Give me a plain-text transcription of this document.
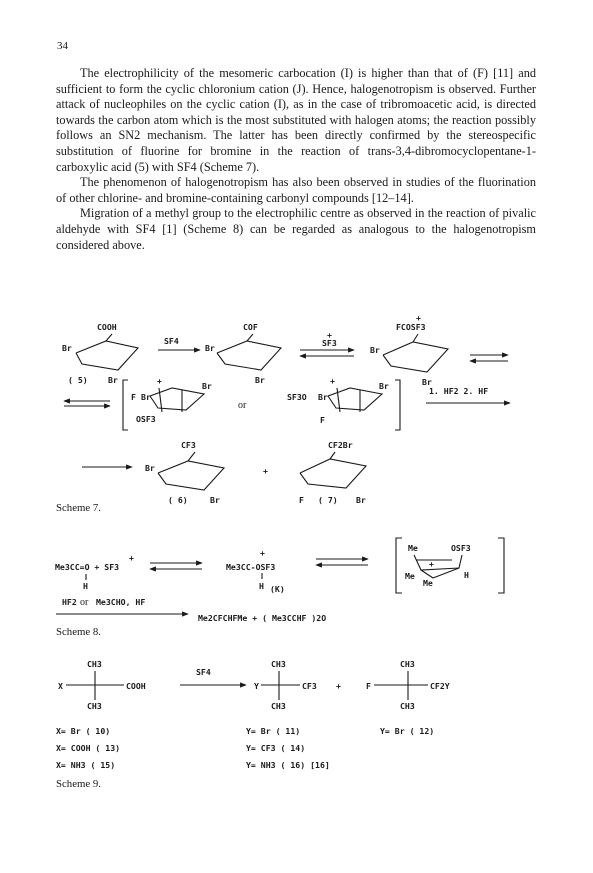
34

The electrophilicity of the mesomeric carbocation (I) is higher than that of (F) [11] and sufficient to form the cyclic chloronium cation (J). Hence, halogenotropism is observed. Further attack of nucleophiles on the cyclic cation (I), as in the case of tribromoacetic acid, is directed towards the carbon atom which is the most substituted with halogen atoms; the reaction possibly follows an SN2 mechanism. The latter has been directly confirmed by the stereospecific substitution of fluorine for bromine in the reaction of trans-3,4-dibromocyclopentane-1-carboxylic acid (5) with SF4 (Scheme 7).

The phenomenon of halogenotropism has also been observed in studies of the fluorination of other chlorine- and bromine-containing carbonyl compounds [12–14].

Migration of a methyl group to the electrophilic centre as observed in the reaction of pivalic aldehyde with SF4 [1] (Scheme 8) can be regarded as analogous to the halogenotropism considered above.

COOH
Br
Br
( 5)
SF4
COF
Br
Br
+
SF3
+
FCOSF3
Br
Br
+
F Br
Br
OSF3
or
+
SF3O Br
Br
F
1. HF2 2. HF
CF3
Br
Br
( 6)
+
CF2Br
F ( 7) Br
Me3CC=O + SF3
+
H
+
Me3CC-OSF3
H (K)
Me	OSF3
Me
Me
H
+
HF2 or Me3CHO, HF
Me2CFCHFMe + ( Me3CCHF )2O
CH3
X	COOH
CH3
SF4
CH3
Y	CF3
CH3
+
CH3
F	CF2Y
CH3
X= Br ( 10)
X= COOH ( 13)
X= NH3 ( 15)
Y= Br ( 11)
Y= CF3 ( 14)
Y= NH3 ( 16) [16]
Y= Br ( 12)
Scheme 7.
Scheme 8.
Scheme 9.
